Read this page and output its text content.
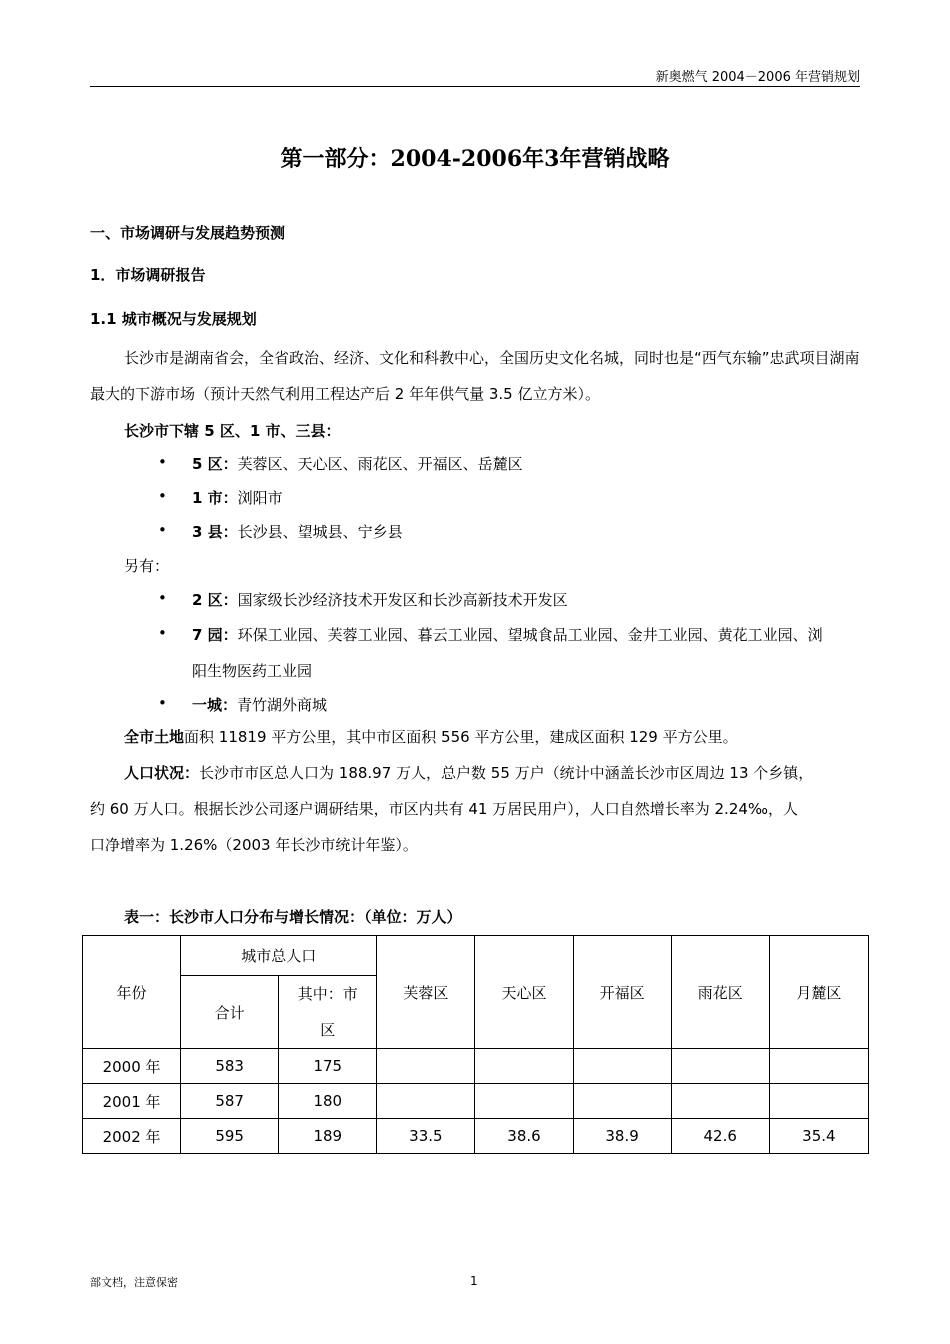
新奥燃气 2004－2006 年营销规划
第一部分：2004-2006年3年营销战略
一、市场调研与发展趋势预测
1．市场调研报告
1.1 城市概况与发展规划
长沙市是湖南省会，全省政治、经济、文化和科教中心，全国历史文化名城，同时也是“西气东输”忠武项目湖南最大的下游市场（预计天然气利用工程达产后 2 年年供气量 3.5 亿立方米）。
长沙市下辖 5 区、1 市、三县：
• 5 区：芙蓉区、天心区、雨花区、开福区、岳麓区
• 1 市：浏阳市
• 3 县：长沙县、望城县、宁乡县
另有：
• 2 区：国家级长沙经济技术开发区和长沙高新技术开发区
• 7 园：环保工业园、芙蓉工业园、暮云工业园、望城食品工业园、金井工业园、黄花工业园、浏
阳生物医药工业园
• 一城：青竹湖外商城
全市土地面积 11819 平方公里，其中市区面积 556 平方公里，建成区面积 129 平方公里。
人口状况：长沙市市区总人口为 188.97 万人，总户数 55 万户（统计中涵盖长沙市区周边 13 个乡镇，
约 60 万人口。根据长沙公司逐户调研结果，市区内共有 41 万居民用户），人口自然增长率为 2.24‰，人
口净增率为 1.26%（2003 年长沙市统计年鉴）。
表一：长沙市人口分布与增长情况：（单位：万人）
年份	城市总人口		芙蓉区	天心区	开福区	雨花区	月麓区
	合计	其中：市
区					
2000 年	583	175					
2001 年	587	180					
2002 年	595	189	33.5	38.6	38.9	42.6	35.4
部文档，注意保密	1
